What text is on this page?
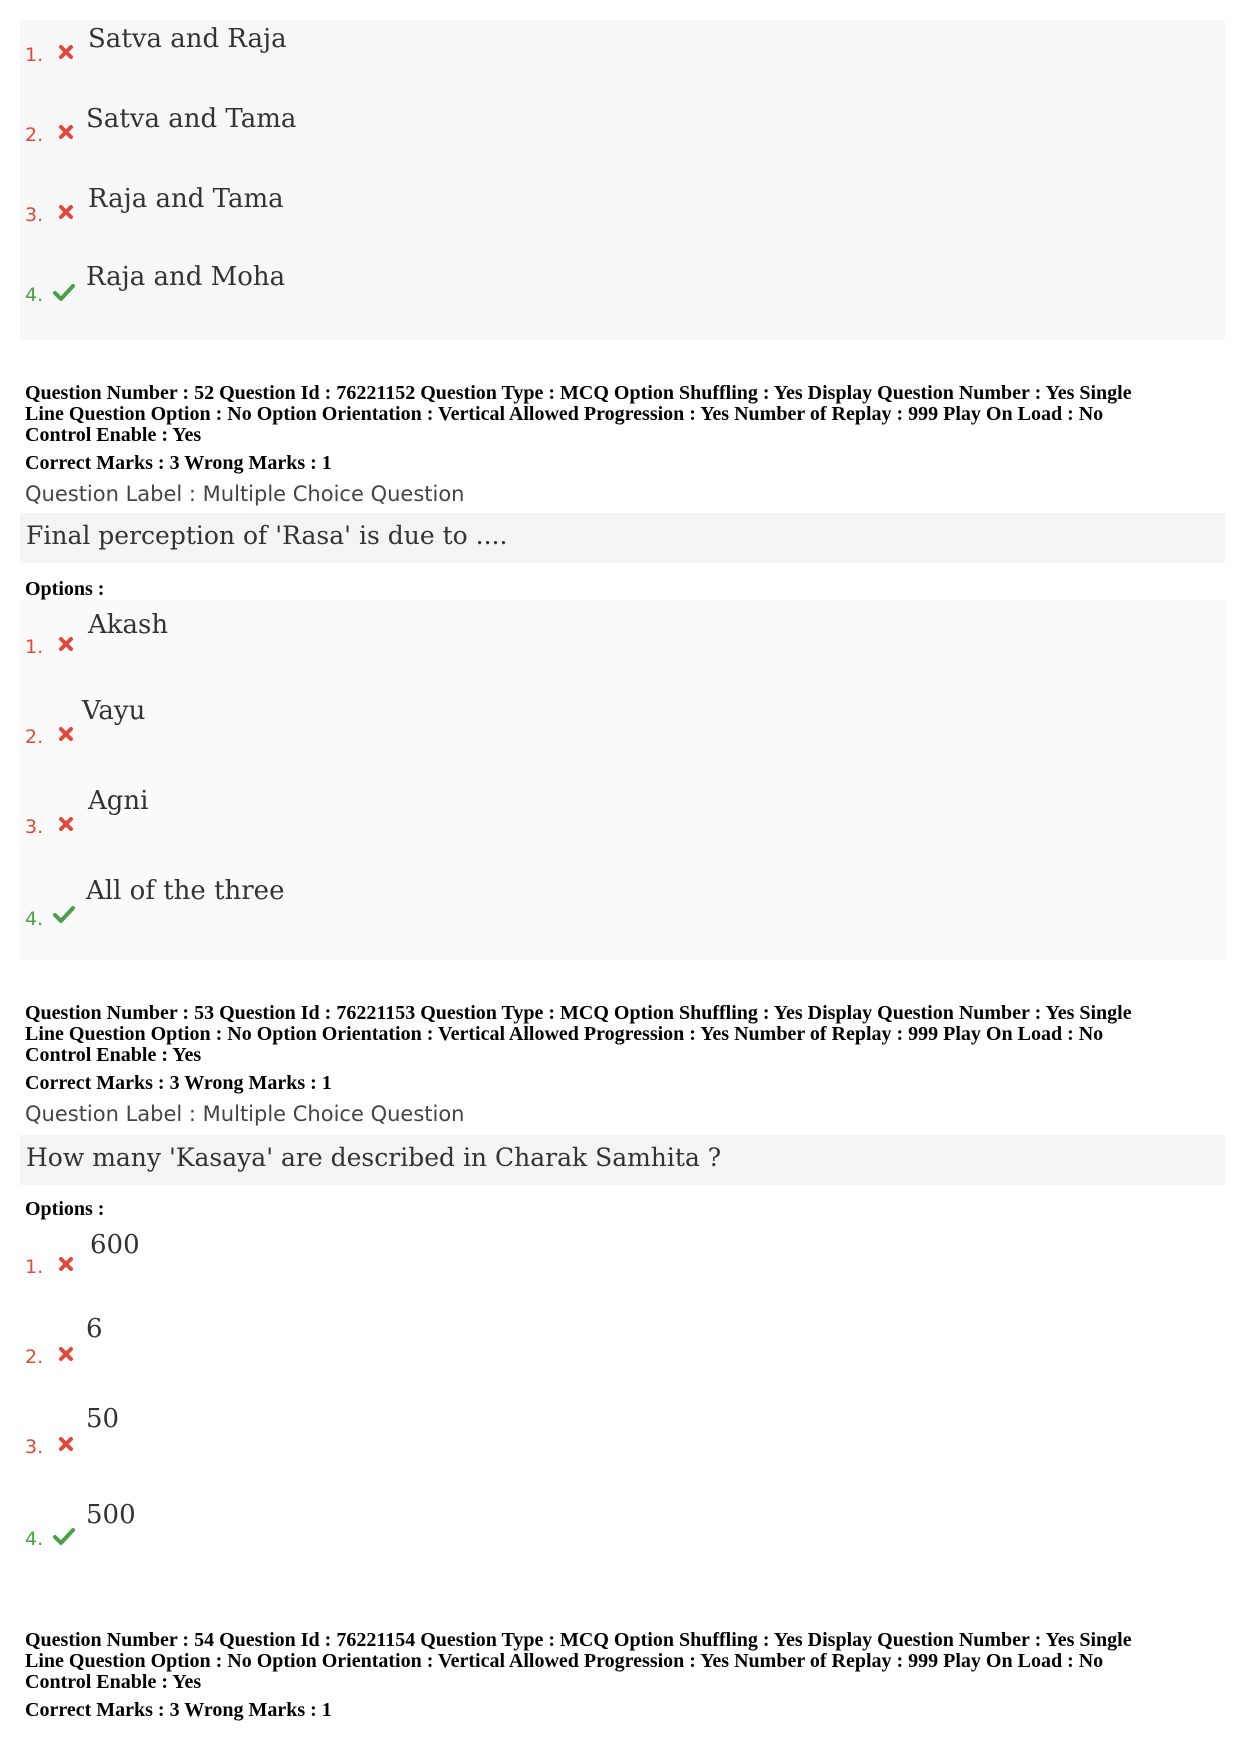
1.
Satva and Raja
2.
Satva and Tama
3.
Raja and Tama
4.
Raja and Moha
Question Number : 52 Question Id : 76221152 Question Type : MCQ Option Shuffling : Yes Display Question Number : Yes Single
Line Question Option : No Option Orientation : Vertical Allowed Progression : Yes Number of Replay : 999 Play On Load : No
Control Enable : Yes
Correct Marks : 3 Wrong Marks : 1
Question Label : Multiple Choice Question
Final perception of 'Rasa' is due to ....
Options :
1.
Akash
2.
Vayu
3.
Agni
4.
All of the three
Question Number : 53 Question Id : 76221153 Question Type : MCQ Option Shuffling : Yes Display Question Number : Yes Single
Line Question Option : No Option Orientation : Vertical Allowed Progression : Yes Number of Replay : 999 Play On Load : No
Control Enable : Yes
Correct Marks : 3 Wrong Marks : 1
Question Label : Multiple Choice Question
How many 'Kasaya' are described in Charak Samhita ?
Options :
1.
600
2.
6
3.
50
4.
500
Question Number : 54 Question Id : 76221154 Question Type : MCQ Option Shuffling : Yes Display Question Number : Yes Single
Line Question Option : No Option Orientation : Vertical Allowed Progression : Yes Number of Replay : 999 Play On Load : No
Control Enable : Yes
Correct Marks : 3 Wrong Marks : 1
